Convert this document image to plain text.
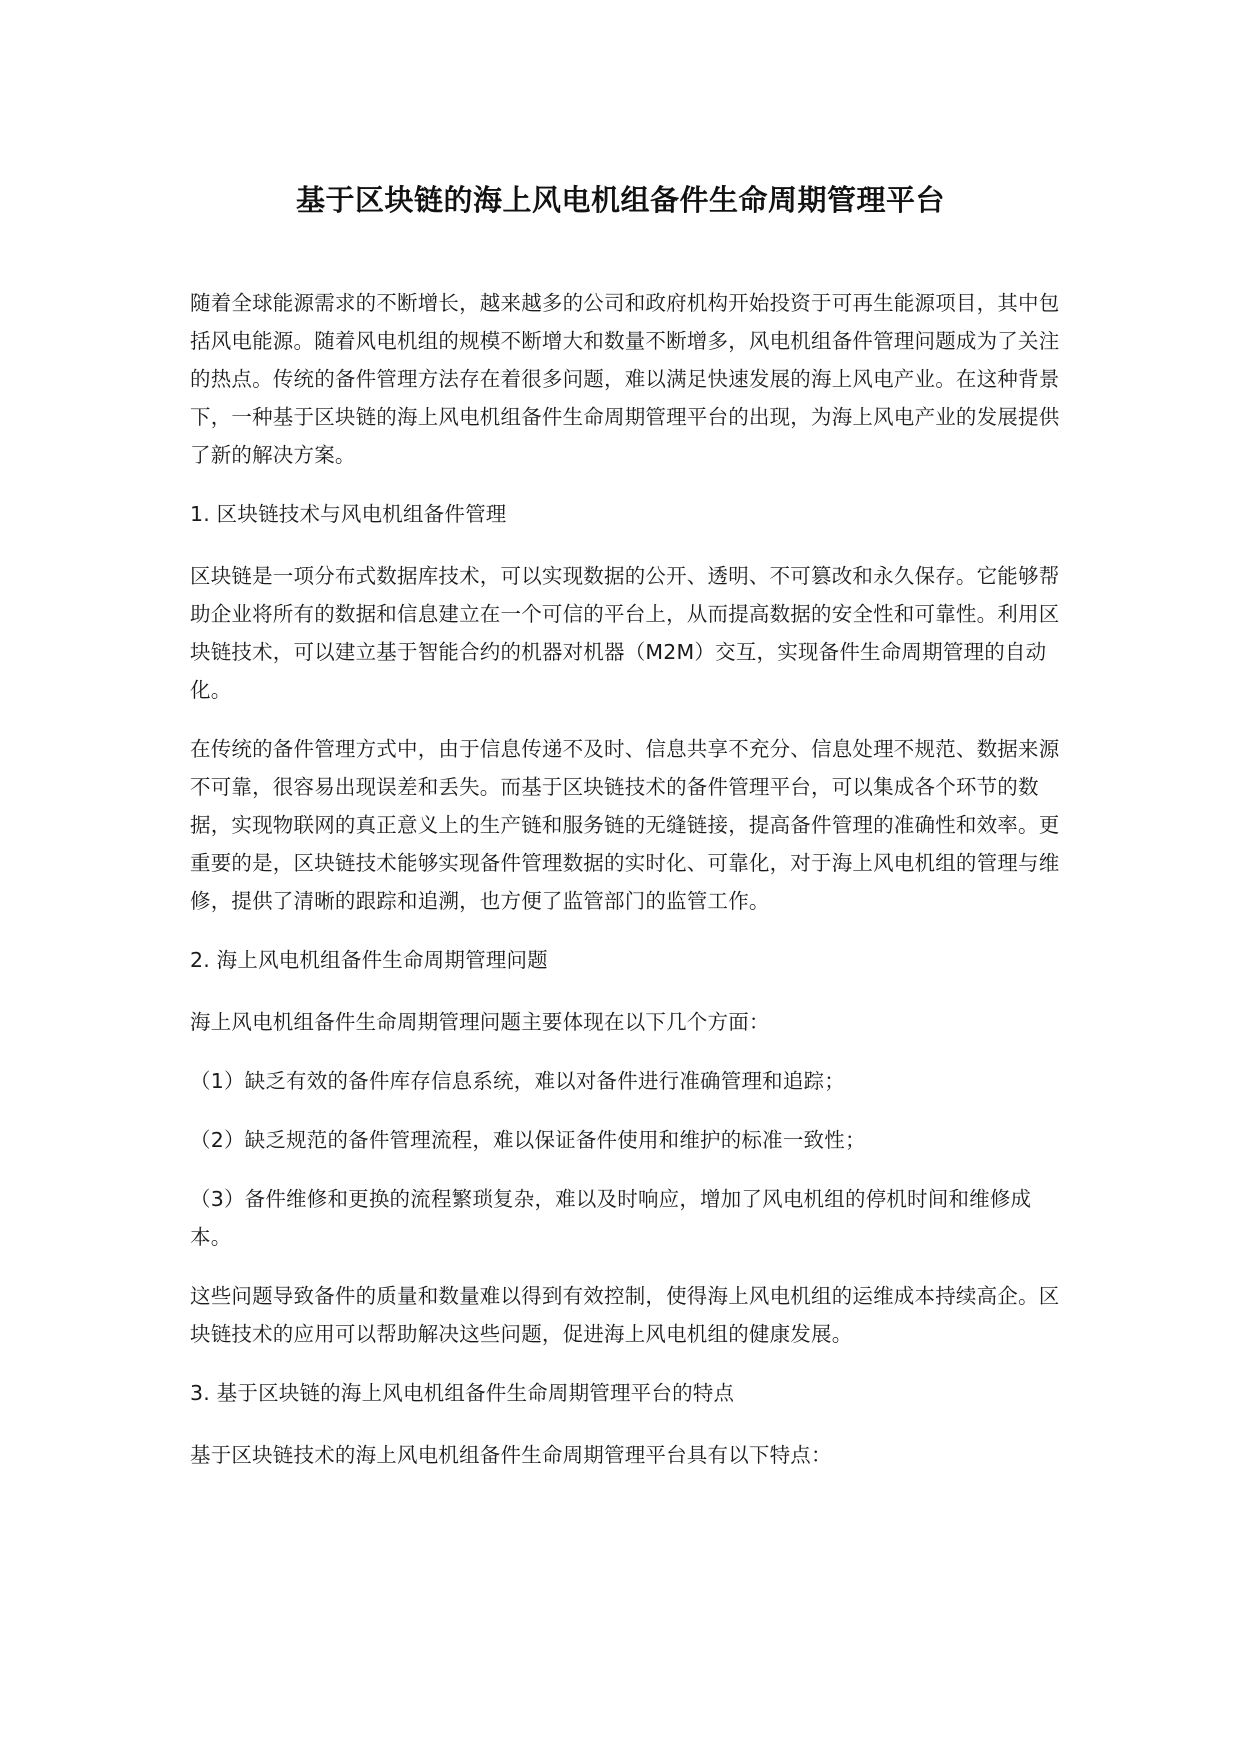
基于区块链的海上风电机组备件生命周期管理平台

随着全球能源需求的不断增长，越来越多的公司和政府机构开始投资于可再生能源项目，其中包括风电能源。随着风电机组的规模不断增大和数量不断增多，风电机组备件管理问题成为了关注的热点。传统的备件管理方法存在着很多问题，难以满足快速发展的海上风电产业。在这种背景下，一种基于区块链的海上风电机组备件生命周期管理平台的出现，为海上风电产业的发展提供了新的解决方案。

1. 区块链技术与风电机组备件管理

区块链是一项分布式数据库技术，可以实现数据的公开、透明、不可篡改和永久保存。它能够帮助企业将所有的数据和信息建立在一个可信的平台上，从而提高数据的安全性和可靠性。利用区块链技术，可以建立基于智能合约的机器对机器（M2M）交互，实现备件生命周期管理的自动化。

在传统的备件管理方式中，由于信息传递不及时、信息共享不充分、信息处理不规范、数据来源不可靠，很容易出现误差和丢失。而基于区块链技术的备件管理平台，可以集成各个环节的数据，实现物联网的真正意义上的生产链和服务链的无缝链接，提高备件管理的准确性和效率。更重要的是，区块链技术能够实现备件管理数据的实时化、可靠化，对于海上风电机组的管理与维修，提供了清晰的跟踪和追溯，也方便了监管部门的监管工作。

2. 海上风电机组备件生命周期管理问题

海上风电机组备件生命周期管理问题主要体现在以下几个方面：

（1）缺乏有效的备件库存信息系统，难以对备件进行准确管理和追踪；

（2）缺乏规范的备件管理流程，难以保证备件使用和维护的标准一致性；

（3）备件维修和更换的流程繁琐复杂，难以及时响应，增加了风电机组的停机时间和维修成本。

这些问题导致备件的质量和数量难以得到有效控制，使得海上风电机组的运维成本持续高企。区块链技术的应用可以帮助解决这些问题，促进海上风电机组的健康发展。

3. 基于区块链的海上风电机组备件生命周期管理平台的特点

基于区块链技术的海上风电机组备件生命周期管理平台具有以下特点：
